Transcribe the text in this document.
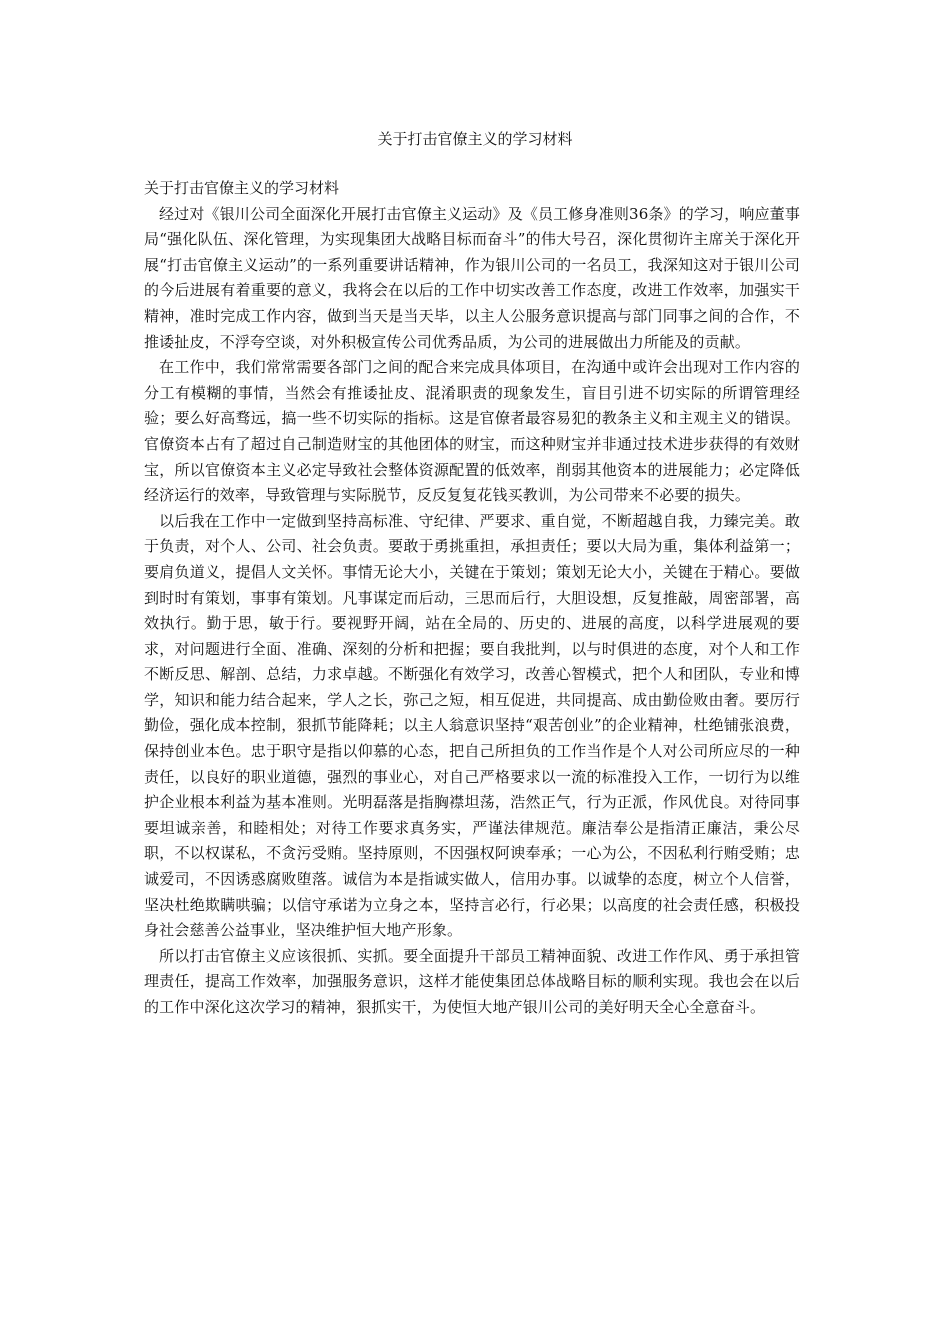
关于打击官僚主义的学习材料

关于打击官僚主义的学习材料

经过对《银川公司全面深化开展打击官僚主义运动》及《员工修身准则36条》的学习，响应董事局“强化队伍、深化管理，为实现集团大战略目标而奋斗”的伟大号召，深化贯彻许主席关于深化开展“打击官僚主义运动”的一系列重要讲话精神，作为银川公司的一名员工，我深知这对于银川公司的今后进展有着重要的意义，我将会在以后的工作中切实改善工作态度，改进工作效率，加强实干精神，准时完成工作内容，做到当天是当天毕，以主人公服务意识提高与部门同事之间的合作，不推诿扯皮，不浮夸空谈，对外积极宣传公司优秀品质，为公司的进展做出力所能及的贡献。

在工作中，我们常常需要各部门之间的配合来完成具体项目，在沟通中或许会出现对工作内容的分工有模糊的事情，当然会有推诿扯皮、混淆职责的现象发生，盲目引进不切实际的所谓管理经验；要么好高骛远，搞一些不切实际的指标。这是官僚者最容易犯的教条主义和主观主义的错误。官僚资本占有了超过自己制造财宝的其他团体的财宝，而这种财宝并非通过技术进步获得的有效财宝，所以官僚资本主义必定导致社会整体资源配置的低效率，削弱其他资本的进展能力；必定降低经济运行的效率，导致管理与实际脱节，反反复复花钱买教训，为公司带来不必要的损失。

以后我在工作中一定做到坚持高标准、守纪律、严要求、重自觉，不断超越自我，力臻完美。敢于负责，对个人、公司、社会负责。要敢于勇挑重担，承担责任；要以大局为重，集体利益第一；要肩负道义，提倡人文关怀。事情无论大小，关键在于策划；策划无论大小，关键在于精心。要做到时时有策划，事事有策划。凡事谋定而后动，三思而后行，大胆设想，反复推敲，周密部署，高效执行。勤于思，敏于行。要视野开阔，站在全局的、历史的、进展的高度，以科学进展观的要求，对问题进行全面、准确、深刻的分析和把握；要自我批判，以与时俱进的态度，对个人和工作不断反思、解剖、总结，力求卓越。不断强化有效学习，改善心智模式，把个人和团队，专业和博学，知识和能力结合起来，学人之长，弥己之短，相互促进，共同提高、成由勤俭败由奢。要厉行勤俭，强化成本控制，狠抓节能降耗；以主人翁意识坚持“艰苦创业”的企业精神，杜绝铺张浪费，保持创业本色。忠于职守是指以仰慕的心态，把自己所担负的工作当作是个人对公司所应尽的一种责任，以良好的职业道德，强烈的事业心，对自己严格要求以一流的标准投入工作，一切行为以维护企业根本利益为基本准则。光明磊落是指胸襟坦荡，浩然正气，行为正派，作风优良。对待同事要坦诚亲善，和睦相处；对待工作要求真务实，严谨法律规范。廉洁奉公是指清正廉洁，秉公尽职，不以权谋私，不贪污受贿。坚持原则，不因强权阿谀奉承；一心为公，不因私利行贿受贿；忠诚爱司，不因诱惑腐败堕落。诚信为本是指诚实做人，信用办事。以诚挚的态度，树立个人信誉，坚决杜绝欺瞒哄骗；以信守承诺为立身之本，坚持言必行，行必果；以高度的社会责任感，积极投身社会慈善公益事业，坚决维护恒大地产形象。

所以打击官僚主义应该很抓、实抓。要全面提升干部员工精神面貌、改进工作作风、勇于承担管理责任，提高工作效率，加强服务意识，这样才能使集团总体战略目标的顺利实现。我也会在以后的工作中深化这次学习的精神，狠抓实干，为使恒大地产银川公司的美好明天全心全意奋斗。
